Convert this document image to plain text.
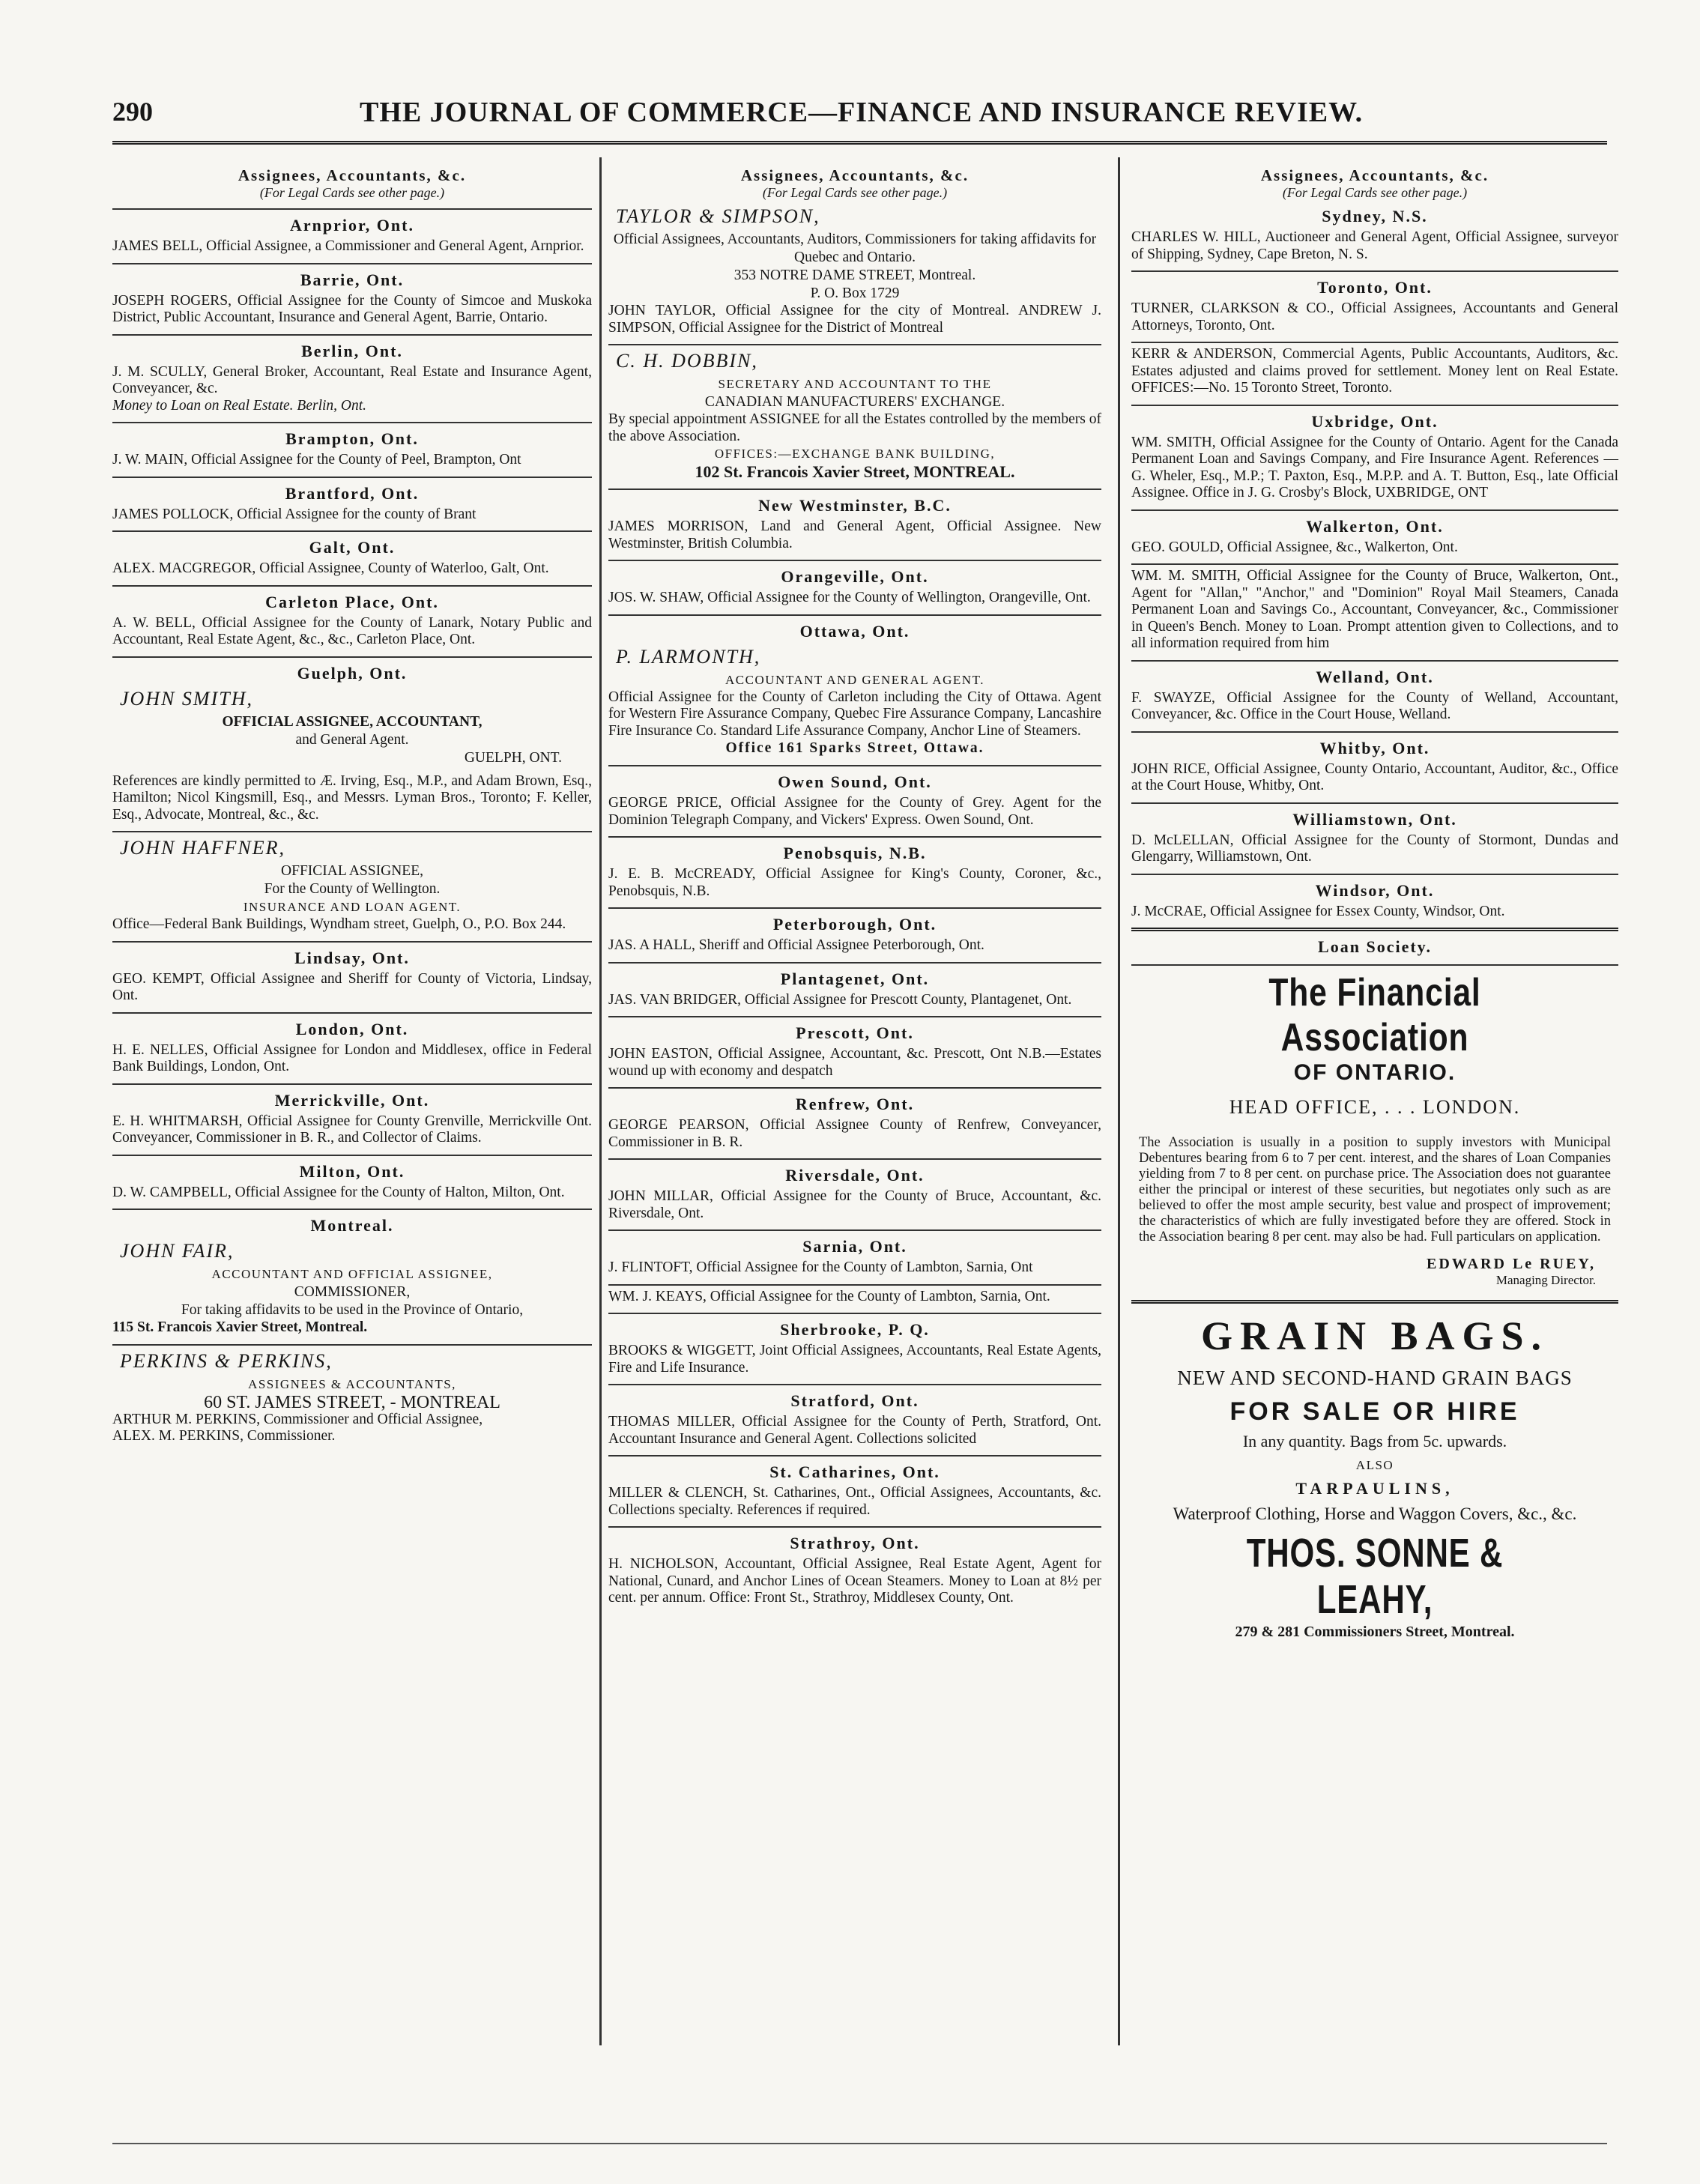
290	THE JOURNAL OF COMMERCE—FINANCE AND INSURANCE REVIEW.
Assignees, Accountants, &c.
(For Legal Cards see other page.)
Arnprior, Ont.
JAMES BELL, Official Assignee, a Commissioner and General Agent, Arnprior.
Barrie, Ont.
JOSEPH ROGERS, Official Assignee for the County of Simcoe and Muskoka District, Public Accountant, Insurance and General Agent, Barrie, Ontario.
Berlin, Ont.
J. M. SCULLY, General Broker, Accountant, Real Estate and Insurance Agent, Conveyancer, &c.
Money to Loan on Real Estate. Berlin, Ont.
Brampton, Ont.
J. W. MAIN, Official Assignee for the County of Peel, Brampton, Ont
Brantford, Ont.
JAMES POLLOCK, Official Assignee for the county of Brant
Galt, Ont.
ALEX. MACGREGOR, Official Assignee, County of Waterloo, Galt, Ont.
Carleton Place, Ont.
A. W. BELL, Official Assignee for the County of Lanark, Notary Public and Accountant, Real Estate Agent, &c., &c., Carleton Place, Ont.
Guelph, Ont.
JOHN SMITH,
OFFICIAL ASSIGNEE, ACCOUNTANT,
and General Agent.
GUELPH, ONT.
References are kindly permitted to Æ. Irving, Esq., M.P., and Adam Brown, Esq., Hamilton; Nicol Kingsmill, Esq., and Messrs. Lyman Bros., Toronto; F. Keller, Esq., Advocate, Montreal, &c., &c.
JOHN HAFFNER,
OFFICIAL ASSIGNEE,
For the County of Wellington.
INSURANCE AND LOAN AGENT.
Office—Federal Bank Buildings, Wyndham street, Guelph, O., P.O. Box 244.
Lindsay, Ont.
GEO. KEMPT, Official Assignee and Sheriff for County of Victoria, Lindsay, Ont.
London, Ont.
H. E. NELLES, Official Assignee for London and Middlesex, office in Federal Bank Buildings, London, Ont.
Merrickville, Ont.
E. H. WHITMARSH, Official Assignee for County Grenville, Merrickville Ont. Conveyancer, Commissioner in B. R., and Collector of Claims.
Milton, Ont.
D. W. CAMPBELL, Official Assignee for the County of Halton, Milton, Ont.
Montreal.
JOHN FAIR,
ACCOUNTANT AND OFFICIAL ASSIGNEE,
COMMISSIONER,
For taking affidavits to be used in the Province of Ontario,
115 St. Francois Xavier Street, Montreal.
PERKINS & PERKINS,
ASSIGNEES & ACCOUNTANTS,
60 ST. JAMES STREET, - MONTREAL
ARTHUR M. PERKINS, Commissioner and Official Assignee,
ALEX. M. PERKINS, Commissioner.
Assignees, Accountants, &c.
(For Legal Cards see other page.)
TAYLOR & SIMPSON,
Official Assignees, Accountants, Auditors, Commissioners for taking affidavits for Quebec and Ontario.
353 NOTRE DAME STREET, Montreal.
P. O. Box 1729
JOHN TAYLOR, Official Assignee for the city of Montreal. ANDREW J. SIMPSON, Official Assignee for the District of Montreal
C. H. DOBBIN,
SECRETARY AND ACCOUNTANT TO THE
CANADIAN MANUFACTURERS' EXCHANGE.
By special appointment ASSIGNEE for all the Estates controlled by the members of the above Association.
OFFICES:—EXCHANGE BANK BUILDING,
102 St. Francois Xavier Street, MONTREAL.
New Westminster, B.C.
JAMES MORRISON, Land and General Agent, Official Assignee. New Westminster, British Columbia.
Orangeville, Ont.
JOS. W. SHAW, Official Assignee for the County of Wellington, Orangeville, Ont.
Ottawa, Ont.
P. LARMONTH,
ACCOUNTANT AND GENERAL AGENT.
Official Assignee for the County of Carleton including the City of Ottawa. Agent for Western Fire Assurance Company, Quebec Fire Assurance Company, Lancashire Fire Insurance Co. Standard Life Assurance Company, Anchor Line of Steamers.
Office 161 Sparks Street, Ottawa.
Owen Sound, Ont.
GEORGE PRICE, Official Assignee for the County of Grey. Agent for the Dominion Telegraph Company, and Vickers' Express. Owen Sound, Ont.
Penobsquis, N.B.
J. E. B. McCREADY, Official Assignee for King's County, Coroner, &c., Penobsquis, N.B.
Peterborough, Ont.
JAS. A HALL, Sheriff and Official Assignee Peterborough, Ont.
Plantagenet, Ont.
JAS. VAN BRIDGER, Official Assignee for Prescott County, Plantagenet, Ont.
Prescott, Ont.
JOHN EASTON, Official Assignee, Accountant, &c. Prescott, Ont N.B.—Estates wound up with economy and despatch
Renfrew, Ont.
GEORGE PEARSON, Official Assignee County of Renfrew, Conveyancer, Commissioner in B. R.
Riversdale, Ont.
JOHN MILLAR, Official Assignee for the County of Bruce, Accountant, &c. Riversdale, Ont.
Sarnia, Ont.
J. FLINTOFT, Official Assignee for the County of Lambton, Sarnia, Ont
WM. J. KEAYS, Official Assignee for the County of Lambton, Sarnia, Ont.
Sherbrooke, P. Q.
BROOKS & WIGGETT, Joint Official Assignees, Accountants, Real Estate Agents, Fire and Life Insurance.
Stratford, Ont.
THOMAS MILLER, Official Assignee for the County of Perth, Stratford, Ont. Accountant Insurance and General Agent. Collections solicited
St. Catharines, Ont.
MILLER & CLENCH, St. Catharines, Ont., Official Assignees, Accountants, &c. Collections specialty. References if required.
Strathroy, Ont.
H. NICHOLSON, Accountant, Official Assignee, Real Estate Agent, Agent for National, Cunard, and Anchor Lines of Ocean Steamers. Money to Loan at 8½ per cent. per annum. Office: Front St., Strathroy, Middlesex County, Ont.
Assignees, Accountants, &c.
(For Legal Cards see other page.)
Sydney, N.S.
CHARLES W. HILL, Auctioneer and General Agent, Official Assignee, surveyor of Shipping, Sydney, Cape Breton, N. S.
Toronto, Ont.
TURNER, CLARKSON & CO., Official Assignees, Accountants and General Attorneys, Toronto, Ont.
KERR & ANDERSON, Commercial Agents, Public Accountants, Auditors, &c. Estates adjusted and claims proved for settlement. Money lent on Real Estate. OFFICES:—No. 15 Toronto Street, Toronto.
Uxbridge, Ont.
WM. SMITH, Official Assignee for the County of Ontario. Agent for the Canada Permanent Loan and Savings Company, and Fire Insurance Agent. References — G. Wheler, Esq., M.P.; T. Paxton, Esq., M.P.P. and A. T. Button, Esq., late Official Assignee. Office in J. G. Crosby's Block, UXBRIDGE, ONT
Walkerton, Ont.
GEO. GOULD, Official Assignee, &c., Walkerton, Ont.
WM. M. SMITH, Official Assignee for the County of Bruce, Walkerton, Ont., Agent for "Allan," "Anchor," and "Dominion" Royal Mail Steamers, Canada Permanent Loan and Savings Co., Accountant, Conveyancer, &c., Commissioner in Queen's Bench. Money to Loan. Prompt attention given to Collections, and to all information required from him
Welland, Ont.
F. SWAYZE, Official Assignee for the County of Welland, Accountant, Conveyancer, &c. Office in the Court House, Welland.
Whitby, Ont.
JOHN RICE, Official Assignee, County Ontario, Accountant, Auditor, &c., Office at the Court House, Whitby, Ont.
Williamstown, Ont.
D. McLELLAN, Official Assignee for the County of Stormont, Dundas and Glengarry, Williamstown, Ont.
Windsor, Ont.
J. McCRAE, Official Assignee for Essex County, Windsor, Ont.
Loan Society.
The Financial Association
OF ONTARIO.
HEAD OFFICE, . . . LONDON.
The Association is usually in a position to supply investors with Municipal Debentures bearing from 6 to 7 per cent. interest, and the shares of Loan Companies yielding from 7 to 8 per cent. on purchase price. The Association does not guarantee either the principal or interest of these securities, but negotiates only such as are believed to offer the most ample security, best value and prospect of improvement; the characteristics of which are fully investigated before they are offered. Stock in the Association bearing 8 per cent. may also be had. Full particulars on application.
EDWARD Le RUEY,
Managing Director.
GRAIN BAGS.
NEW AND SECOND-HAND GRAIN BAGS
FOR SALE OR HIRE
In any quantity. Bags from 5c. upwards.
ALSO
TARPAULINS,
Waterproof Clothing, Horse and Waggon Covers, &c., &c.
THOS. SONNE & LEAHY,
279 & 281 Commissioners Street, Montreal.
